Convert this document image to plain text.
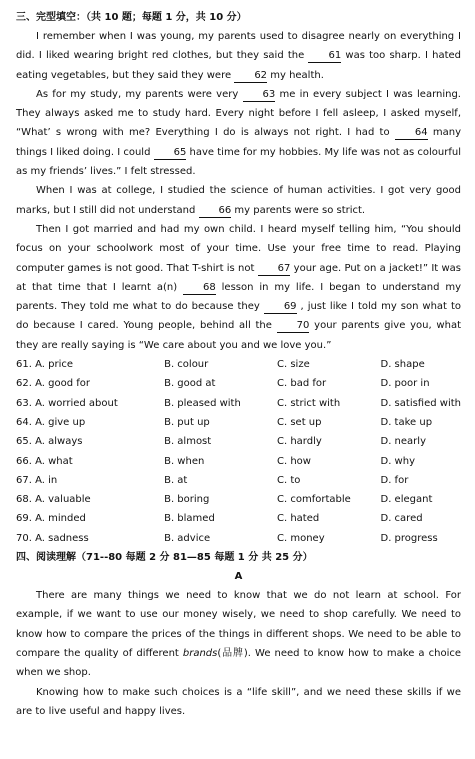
三、完型填空：（共 10 题；每题 1 分，共 10 分）

I remember when I was young, my parents used to disagree nearly on everything I did. I liked wearing bright red clothes, but they said the 61 was too sharp. I hated eating vegetables, but they said they were 62 my health.

As for my study, my parents were very 63 me in every subject I was learning. They always asked me to study hard. Every night before I fell asleep, I asked myself, “What’ s wrong with me? Everything I do is always not right. I had to 64 many things I liked doing. I could 65 have time for my hobbies. My life was not as colourful as my friends’ lives.” I felt stressed.

When I was at college, I studied the science of human activities. I got very good marks, but I still did not understand 66 my parents were so strict.

Then I got married and had my own child. I heard myself telling him, “You should focus on your schoolwork most of your time. Use your free time to read. Playing computer games is not good. That T-shirt is not 67 your age. Put on a jacket!” It was at that time that I learnt a(n) 68 lesson in my life. I began to understand my parents. They told me what to do because they 69 , just like I told my son what to do because I cared. Young people, behind all the 70 your parents give you, what they are really saying is “We care about you and we love you.”

61. A. price	B. colour	C. size	D. shape
62. A. good for	B. good at	C. bad for	D. poor in
63. A. worried about	B. pleased with	C. strict with	D. satisfied with
64. A. give up	B. put up	C. set up	D. take up
65. A. always	B. almost	C. hardly	D. nearly
66. A. what	B. when	C. how	D. why
67. A. in	B. at	C. to	D. for
68. A. valuable	B. boring	C. comfortable	D. elegant
69. A. minded	B. blamed	C. hated	D. cared
70. A. sadness	B. advice	C. money	D. progress
四、阅读理解（71--80 每题 2 分 81—85 每题 1 分 共 25 分）
A

There are many things we need to know that we do not learn at school. For example, if we want to use our money wisely, we need to shop carefully. We need to know how to compare the prices of the things in different shops. We need to be able to compare the quality of different brands(品牌). We need to know how to make a choice when we shop.

Knowing how to make such choices is a “life skill”, and we need these skills if we are to live useful and happy lives.
